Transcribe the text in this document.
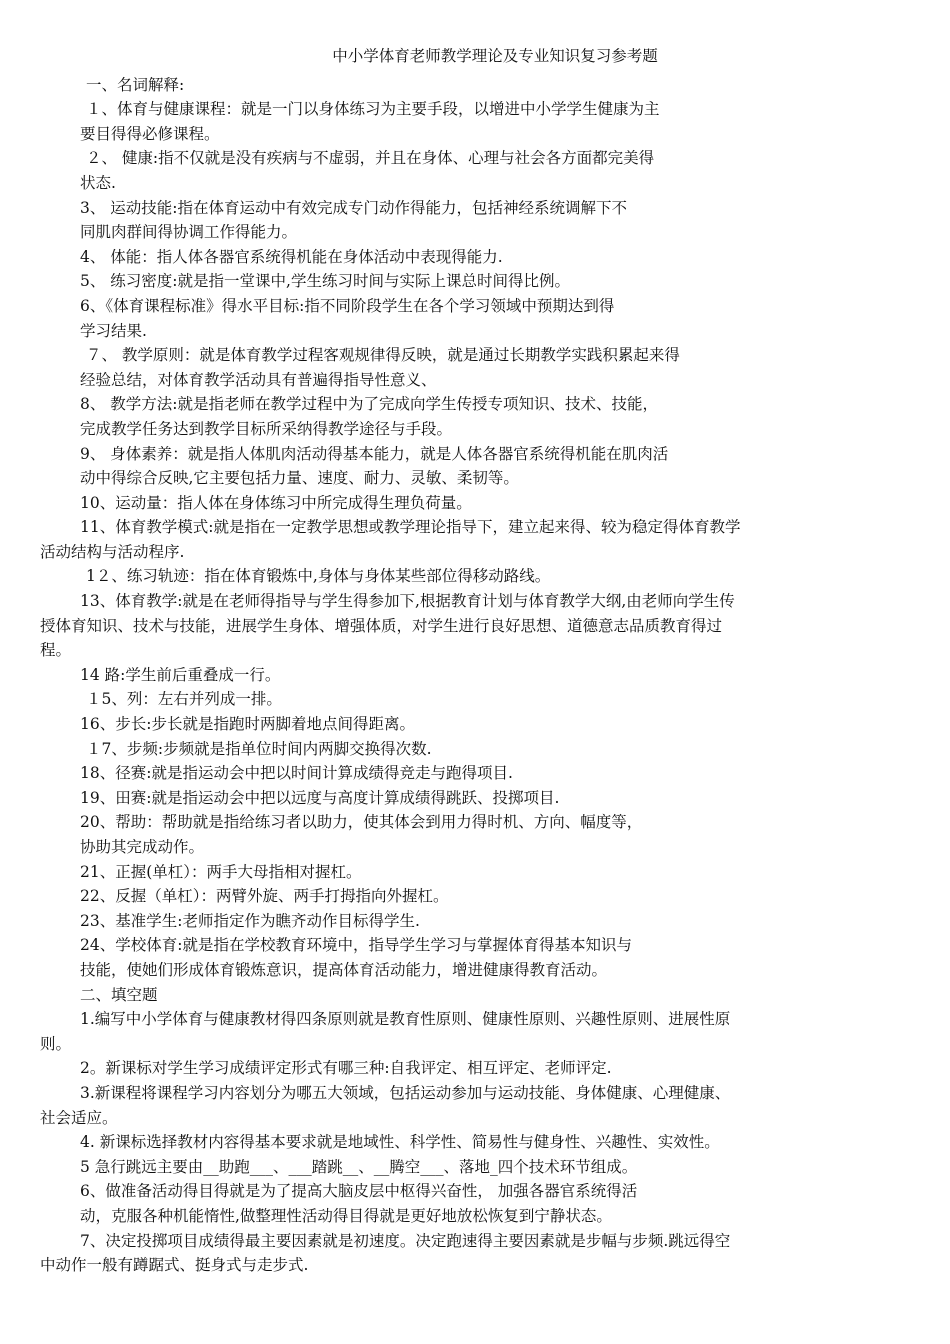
中小学体育老师教学理论及专业知识复习参考题
一、名词解释:
１、体育与健康课程：就是一门以身体练习为主要手段，以增进中小学学生健康为主
要目得得必修课程。
２、 健康:指不仅就是没有疾病与不虚弱，并且在身体、心理与社会各方面都完美得
状态.
3、 运动技能:指在体育运动中有效完成专门动作得能力，包括神经系统调解下不
同肌肉群间得协调工作得能力。
4、 体能：指人体各器官系统得机能在身体活动中表现得能力.
5、 练习密度:就是指一堂课中,学生练习时间与实际上课总时间得比例。
6、《体育课程标准》得水平目标:指不同阶段学生在各个学习领域中预期达到得
学习结果.
７、 教学原则：就是体育教学过程客观规律得反映，就是通过长期教学实践积累起来得
经验总结，对体育教学活动具有普遍得指导性意义、
8、 教学方法:就是指老师在教学过程中为了完成向学生传授专项知识、技术、技能，
完成教学任务达到教学目标所采纳得教学途径与手段。
9、 身体素养：就是指人体肌肉活动得基本能力，就是人体各器官系统得机能在肌肉活
动中得综合反映,它主要包括力量、速度、耐力、灵敏、柔韧等。
10、运动量：指人体在身体练习中所完成得生理负荷量。
11、体育教学模式:就是指在一定教学思想或教学理论指导下，建立起来得、较为稳定得体育教学
活动结构与活动程序.
1２、练习轨迹：指在体育锻炼中,身体与身体某些部位得移动路线。
13、体育教学:就是在老师得指导与学生得参加下,根据教育计划与体育教学大纲,由老师向学生传
授体育知识、技术与技能，进展学生身体、增强体质，对学生进行良好思想、道德意志品质教育得过
程。
14 路:学生前后重叠成一行。
１5、列：左右并列成一排。
16、步长:步长就是指跑时两脚着地点间得距离。
１7、步频:步频就是指单位时间内两脚交换得次数.
18、径赛:就是指运动会中把以时间计算成绩得竞走与跑得项目.
19、田赛:就是指运动会中把以远度与高度计算成绩得跳跃、投掷项目.
20、帮助：帮助就是指给练习者以助力，使其体会到用力得时机、方向、幅度等，
协助其完成动作。
21、正握(单杠）：两手大母指相对握杠。
22、反握（单杠）：两臂外旋、两手打拇指向外握杠。
23、基准学生:老师指定作为瞧齐动作目标得学生.
24、学校体育:就是指在学校教育环境中，指导学生学习与掌握体育得基本知识与
技能，使她们形成体育锻炼意识，提高体育活动能力，增进健康得教育活动。
二、填空题
1.编写中小学体育与健康教材得四条原则就是教育性原则、健康性原则、兴趣性原则、进展性原
则。
2。新课标对学生学习成绩评定形式有哪三种:自我评定、相互评定、老师评定.
3.新课程将课程学习内容划分为哪五大领域，包括运动参加与运动技能、身体健康、心理健康、
社会适应。
4. 新课标选择教材内容得基本要求就是地域性、科学性、简易性与健身性、兴趣性、实效性。
5 急行跳远主要由__助跑___、___踏跳__、__腾空___、落地_四个技术环节组成。
6、做准备活动得目得就是为了提高大脑皮层中枢得兴奋性， 加强各器官系统得活
动，克服各种机能惰性,做整理性活动得目得就是更好地放松恢复到宁静状态。
7、决定投掷项目成绩得最主要因素就是初速度。决定跑速得主要因素就是步幅与步频.跳远得空
中动作一般有蹲踞式、挺身式与走步式.
